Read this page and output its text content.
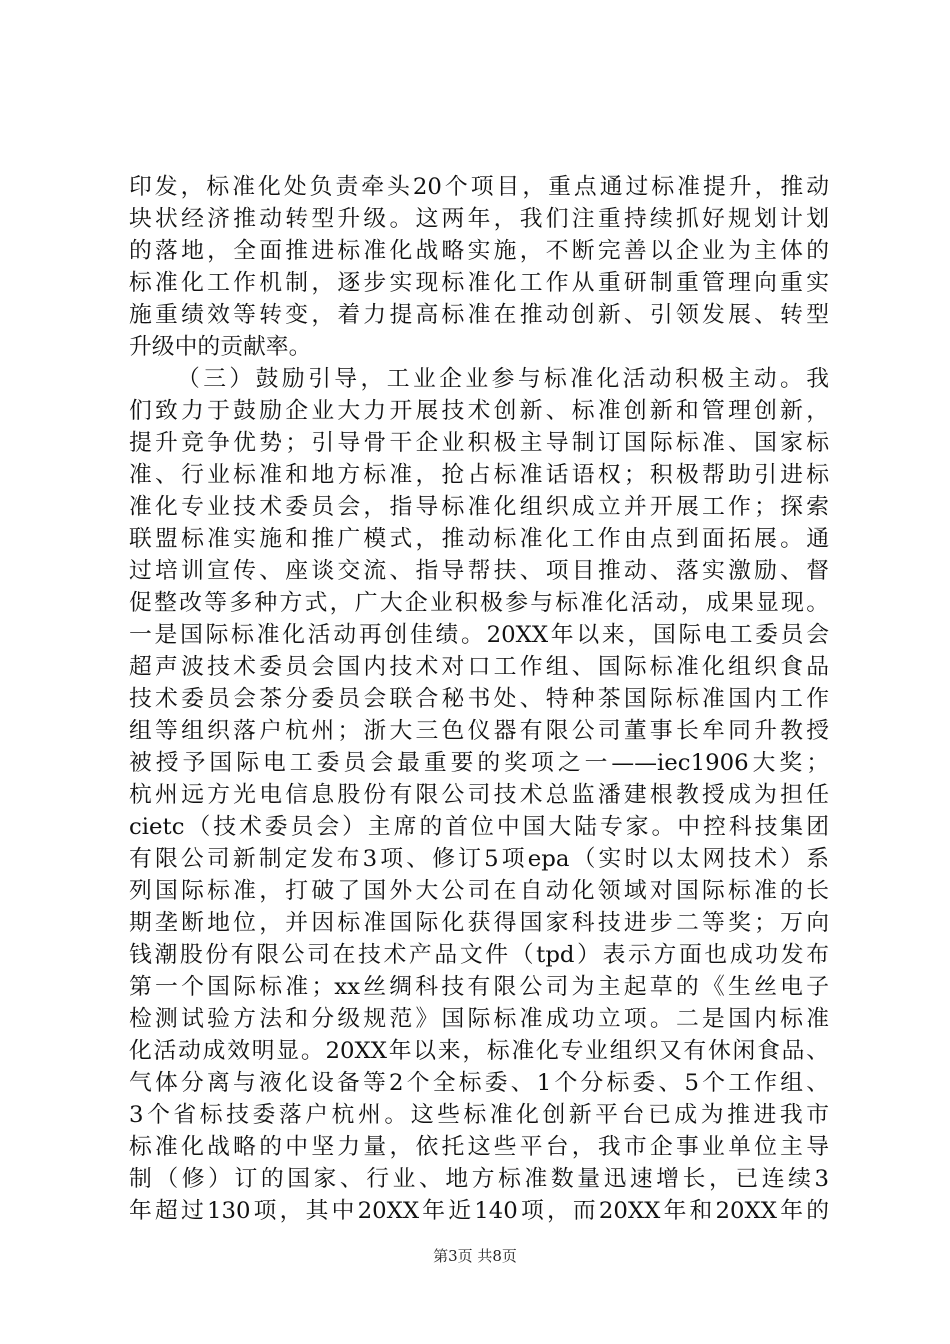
印发，标准化处负责牵头20个项目，重点通过标准提升，推动
块状经济推动转型升级。这两年，我们注重持续抓好规划计划
的落地，全面推进标准化战略实施，不断完善以企业为主体的
标准化工作机制，逐步实现标准化工作从重研制重管理向重实
施重绩效等转变，着力提高标准在推动创新、引领发展、转型
升级中的贡献率。
（三）鼓励引导，工业企业参与标准化活动积极主动。我
们致力于鼓励企业大力开展技术创新、标准创新和管理创新，
提升竞争优势；引导骨干企业积极主导制订国际标准、国家标
准、行业标准和地方标准，抢占标准话语权；积极帮助引进标
准化专业技术委员会，指导标准化组织成立并开展工作；探索
联盟标准实施和推广模式，推动标准化工作由点到面拓展。通
过培训宣传、座谈交流、指导帮扶、项目推动、落实激励、督
促整改等多种方式，广大企业积极参与标准化活动，成果显现。
一是国际标准化活动再创佳绩。20XX年以来，国际电工委员会
超声波技术委员会国内技术对口工作组、国际标准化组织食品
技术委员会茶分委员会联合秘书处、特种茶国际标准国内工作
组等组织落户杭州；浙大三色仪器有限公司董事长牟同升教授
被授予国际电工委员会最重要的奖项之一——iec1906大奖；
杭州远方光电信息股份有限公司技术总监潘建根教授成为担任
cietc（技术委员会）主席的首位中国大陆专家。中控科技集团
有限公司新制定发布3项、修订5项epa（实时以太网技术）系
列国际标准，打破了国外大公司在自动化领域对国际标准的长
期垄断地位，并因标准国际化获得国家科技进步二等奖；万向
钱潮股份有限公司在技术产品文件（tpd）表示方面也成功发布
第一个国际标准；xx丝绸科技有限公司为主起草的《生丝电子
检测试验方法和分级规范》国际标准成功立项。二是国内标准
化活动成效明显。20XX年以来，标准化专业组织又有休闲食品、
气体分离与液化设备等2个全标委、1个分标委、5个工作组、
3个省标技委落户杭州。这些标准化创新平台已成为推进我市
标准化战略的中坚力量，依托这些平台，我市企事业单位主导
制（修）订的国家、行业、地方标准数量迅速增长，已连续3
年超过130项，其中20XX年近140项，而20XX年和20XX年的
第3页 共8页
